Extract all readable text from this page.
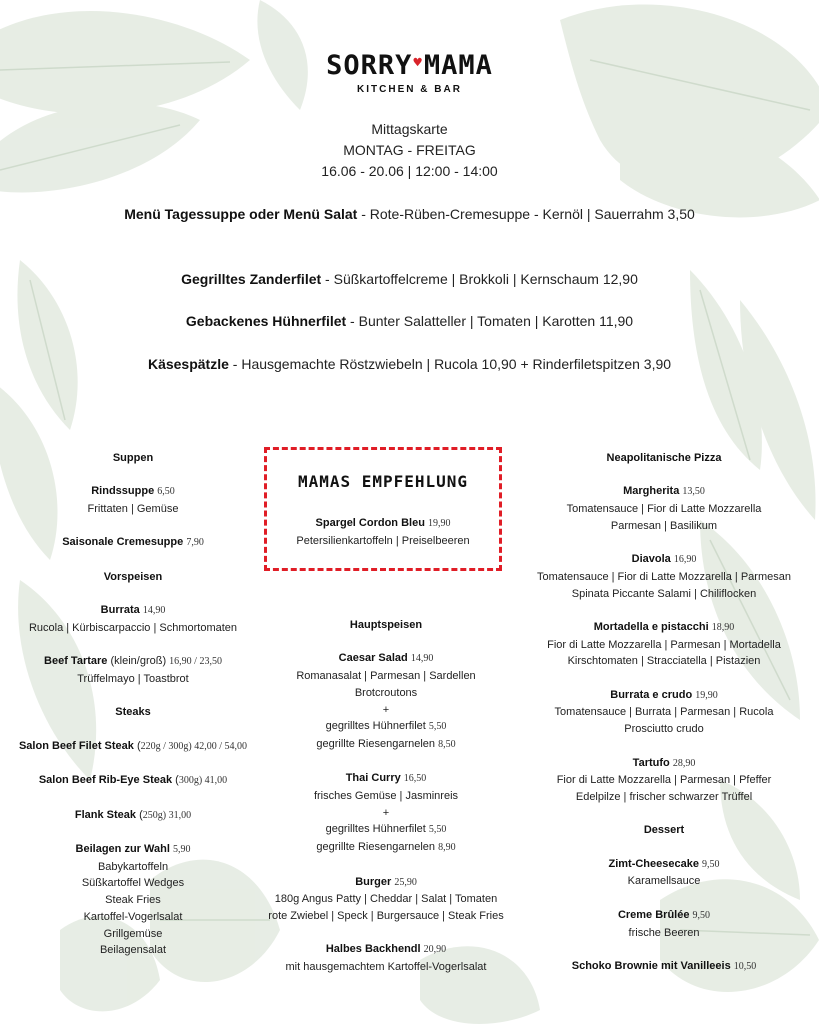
SORRY♥MAMA
KITCHEN & BAR
Mittagskarte
MONTAG - FREITAG
16.06 - 20.06 | 12:00 - 14:00
Menü Tagessuppe oder Menü Salat - Rote-Rüben-Cremesuppe - Kernöl | Sauerrahm 3,50
Gegrilltes Zanderfilet - Süßkartoffelcreme | Brokkoli | Kernschaum 12,90
Gebackenes Hühnerfilet - Bunter Salatteller | Tomaten | Karotten 11,90
Käsespätzle - Hausgemachte Röstzwiebeln | Rucola 10,90 + Rinderfiletspitzen 3,90
Suppen
Rindssuppe 6,50
Frittaten | Gemüse
Saisonale Cremesuppe 7,90
Vorspeisen
Burrata 14,90
Rucola | Kürbiscarpaccio | Schmortomaten
Beef Tartare (klein/groß) 16,90 / 23,50
Trüffelmayo | Toastbrot
Steaks
Salon Beef Filet Steak (220g / 300g) 42,00 / 54,00
Salon Beef Rib-Eye Steak (300g) 41,00
Flank Steak (250g) 31,00
Beilagen zur Wahl 5,90
Babykartoffeln
Süßkartoffel Wedges
Steak Fries
Kartoffel-Vogerlsalat
Grillgemüse
Beilagensalat
Hauptspeisen
Caesar Salad 14,90
Romanasalat | Parmesan | Sardellen
Brotcroutons
+
gegrilltes Hühnerfilet 5,50
gegrillte Riesengarnelen 8,50
Thai Curry 16,50
frisches Gemüse | Jasminreis
+
gegrilltes Hühnerfilet 5,50
gegrillte Riesengarnelen 8,90
Burger 25,90
180g Angus Patty | Cheddar | Salat | Tomaten
rote Zwiebel | Speck | Burgersauce | Steak Fries
Halbes Backhendl 20,90
mit hausgemachtem Kartoffel-Vogerlsalat
Neapolitanische Pizza
Margherita 13,50
Tomatensauce | Fior di Latte Mozzarella
Parmesan | Basilikum
Diavola 16,90
Tomatensauce | Fior di Latte Mozzarella | Parmesan
Spinata Piccante Salami | Chiliflocken
Mortadella e pistacchi 18,90
Fior di Latte Mozzarella | Parmesan | Mortadella
Kirschtomaten | Stracciatella | Pistazien
Burrata e crudo 19,90
Tomatensauce | Burrata | Parmesan | Rucola
Prosciutto crudo
Tartufo 28,90
Fior di Latte Mozzarella | Parmesan | Pfeffer
Edelpilze | frischer schwarzer Trüffel
Dessert
Zimt-Cheesecake 9,50
Karamellsauce
Creme Brûlée 9,50
frische Beeren
Schoko Brownie mit Vanilleeis 10,50
MAMAS EMPFEHLUNG
Spargel Cordon Bleu 19,90
Petersilienkartoffeln | Preiselbeeren
